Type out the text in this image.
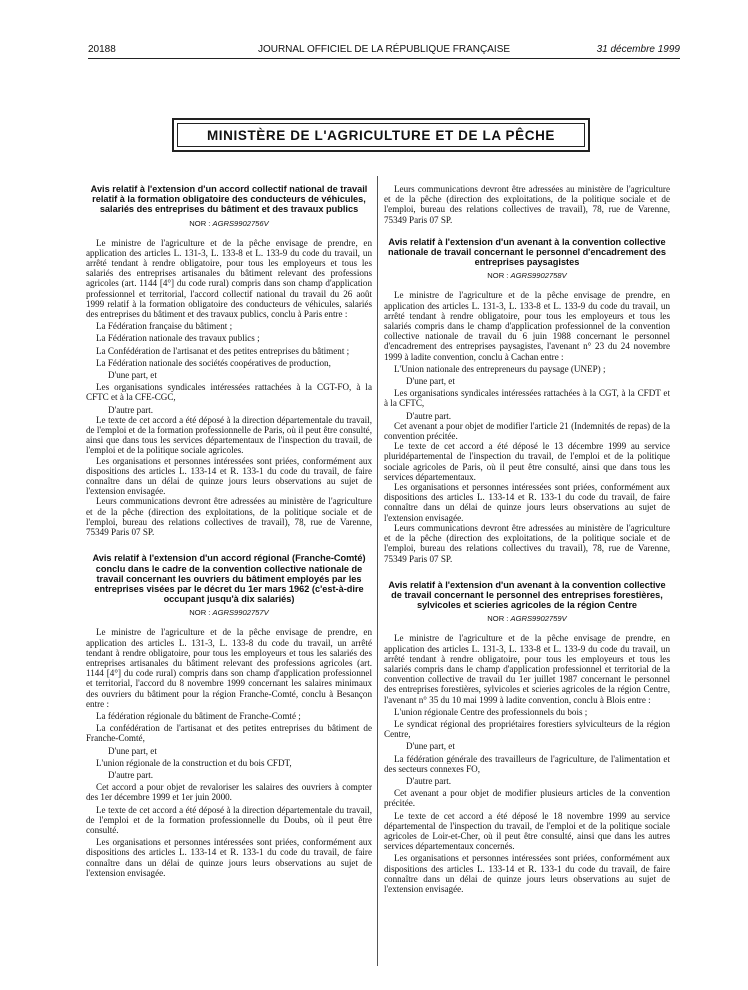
20188	JOURNAL OFFICIEL DE LA RÉPUBLIQUE FRANÇAISE	31 décembre 1999
MINISTÈRE DE L'AGRICULTURE ET DE LA PÊCHE
Avis relatif à l'extension d'un accord collectif national de travail relatif à la formation obligatoire des conducteurs de véhicules, salariés des entreprises du bâtiment et des travaux publics
NOR : AGRS9902756V

Le ministre de l'agriculture et de la pêche envisage de prendre, en application des articles L. 131-3, L. 133-8 et L. 133-9 du code du travail, un arrêté tendant à rendre obligatoire, pour tous les employeurs et tous les salariés des entreprises artisanales du bâtiment relevant des professions agricoles (art. 1144 [4°] du code rural) compris dans son champ d'application professionnel et territorial, l'accord collectif national du travail du 26 août 1999 relatif à la formation obligatoire des conducteurs de véhicules, salariés des entreprises du bâtiment et des travaux publics, conclu à Paris entre :

La Fédération française du bâtiment ;

La Fédération nationale des travaux publics ;

La Confédération de l'artisanat et des petites entreprises du bâtiment ;

La Fédération nationale des sociétés coopératives de production,

D'une part, et

Les organisations syndicales intéressées rattachées à la CGT-FO, à la CFTC et à la CFE-CGC,

D'autre part.

Le texte de cet accord a été déposé à la direction départementale du travail, de l'emploi et de la formation professionnelle de Paris, où il peut être consulté, ainsi que dans tous les services départementaux de l'inspection du travail, de l'emploi et de la politique sociale agricoles.

Les organisations et personnes intéressées sont priées, conformément aux dispositions des articles L. 133-14 et R. 133-1 du code du travail, de faire connaître dans un délai de quinze jours leurs observations au sujet de l'extension envisagée.

Leurs communications devront être adressées au ministère de l'agriculture et de la pêche (direction des exploitations, de la politique sociale et de l'emploi, bureau des relations collectives de travail), 78, rue de Varenne, 75349 Paris 07 SP.

Avis relatif à l'extension d'un accord régional (Franche-Comté) conclu dans le cadre de la convention collective nationale de travail concernant les ouvriers du bâtiment employés par les entreprises visées par le décret du 1er mars 1962 (c'est-à-dire occupant jusqu'à dix salariés)
NOR : AGRS9902757V

Le ministre de l'agriculture et de la pêche envisage de prendre, en application des articles L. 131-3, L. 133-8 du code du travail, un arrêté tendant à rendre obligatoire, pour tous les employeurs et tous les salariés des entreprises artisanales du bâtiment relevant des professions agricoles (art. 1144 [4°] du code rural) compris dans son champ d'application professionnel et territorial, l'accord du 8 novembre 1999 concernant les salaires minimaux des ouvriers du bâtiment pour la région Franche-Comté, conclu à Besançon entre :

La fédération régionale du bâtiment de Franche-Comté ;

La confédération de l'artisanat et des petites entreprises du bâtiment de Franche-Comté,

D'une part, et

L'union régionale de la construction et du bois CFDT,

D'autre part.

Cet accord a pour objet de revaloriser les salaires des ouvriers à compter des 1er décembre 1999 et 1er juin 2000.

Le texte de cet accord a été déposé à la direction départementale du travail, de l'emploi et de la formation professionnelle du Doubs, où il peut être consulté.

Les organisations et personnes intéressées sont priées, conformément aux dispositions des articles L. 133-14 et R. 133-1 du code du travail, de faire connaître dans un délai de quinze jours leurs observations au sujet de l'extension envisagée.

Leurs communications devront être adressées au ministère de l'agriculture et de la pêche (direction des exploitations, de la politique sociale et de l'emploi, bureau des relations collectives de travail), 78, rue de Varenne, 75349 Paris 07 SP.

Avis relatif à l'extension d'un avenant à la convention collective nationale de travail concernant le personnel d'encadrement des entreprises paysagistes
NOR : AGRS9902758V

Le ministre de l'agriculture et de la pêche envisage de prendre, en application des articles L. 131-3, L. 133-8 et L. 133-9 du code du travail, un arrêté tendant à rendre obligatoire, pour tous les employeurs et tous les salariés compris dans le champ d'application professionnel de la convention collective nationale de travail du 6 juin 1988 concernant le personnel d'encadrement des entreprises paysagistes, l'avenant n° 23 du 24 novembre 1999 à ladite convention, conclu à Cachan entre :

L'Union nationale des entrepreneurs du paysage (UNEP) ;

D'une part, et

Les organisations syndicales intéressées rattachées à la CGT, à la CFDT et à la CFTC,

D'autre part.

Cet avenant a pour objet de modifier l'article 21 (Indemnités de repas) de la convention précitée.

Le texte de cet accord a été déposé le 13 décembre 1999 au service pluridépartemental de l'inspection du travail, de l'emploi et de la politique sociale agricoles de Paris, où il peut être consulté, ainsi que dans tous les services départementaux.

Les organisations et personnes intéressées sont priées, conformément aux dispositions des articles L. 133-14 et R. 133-1 du code du travail, de faire connaître dans un délai de quinze jours leurs observations au sujet de l'extension envisagée.

Leurs communications devront être adressées au ministère de l'agriculture et de la pêche (direction des exploitations, de la politique sociale et de l'emploi, bureau des relations collectives du travail), 78, rue de Varenne, 75349 Paris 07 SP.

Avis relatif à l'extension d'un avenant à la convention collective de travail concernant le personnel des entreprises forestières, sylvicoles et scieries agricoles de la région Centre
NOR : AGRS9902759V

Le ministre de l'agriculture et de la pêche envisage de prendre, en application des articles L. 131-3, L. 133-8 et L. 133-9 du code du travail, un arrêté tendant à rendre obligatoire, pour tous les employeurs et tous les salariés compris dans le champ d'application professionnel et territorial de la convention collective de travail du 1er juillet 1987 concernant le personnel des entreprises forestières, sylvicoles et scieries agricoles de la région Centre, l'avenant n° 35 du 10 mai 1999 à ladite convention, conclu à Blois entre :

L'union régionale Centre des professionnels du bois ;

Le syndicat régional des propriétaires forestiers sylviculteurs de la région Centre,

D'une part, et

La fédération générale des travailleurs de l'agriculture, de l'alimentation et des secteurs connexes FO,

D'autre part.

Cet avenant a pour objet de modifier plusieurs articles de la convention précitée.

Le texte de cet accord a été déposé le 18 novembre 1999 au service départemental de l'inspection du travail, de l'emploi et de la politique sociale agricoles de Loir-et-Cher, où il peut être consulté, ainsi que dans les autres services départementaux concernés.

Les organisations et personnes intéressées sont priées, conformément aux dispositions des articles L. 133-14 et R. 133-1 du code du travail, de faire connaître dans un délai de quinze jours leurs observations au sujet de l'extension envisagée.
